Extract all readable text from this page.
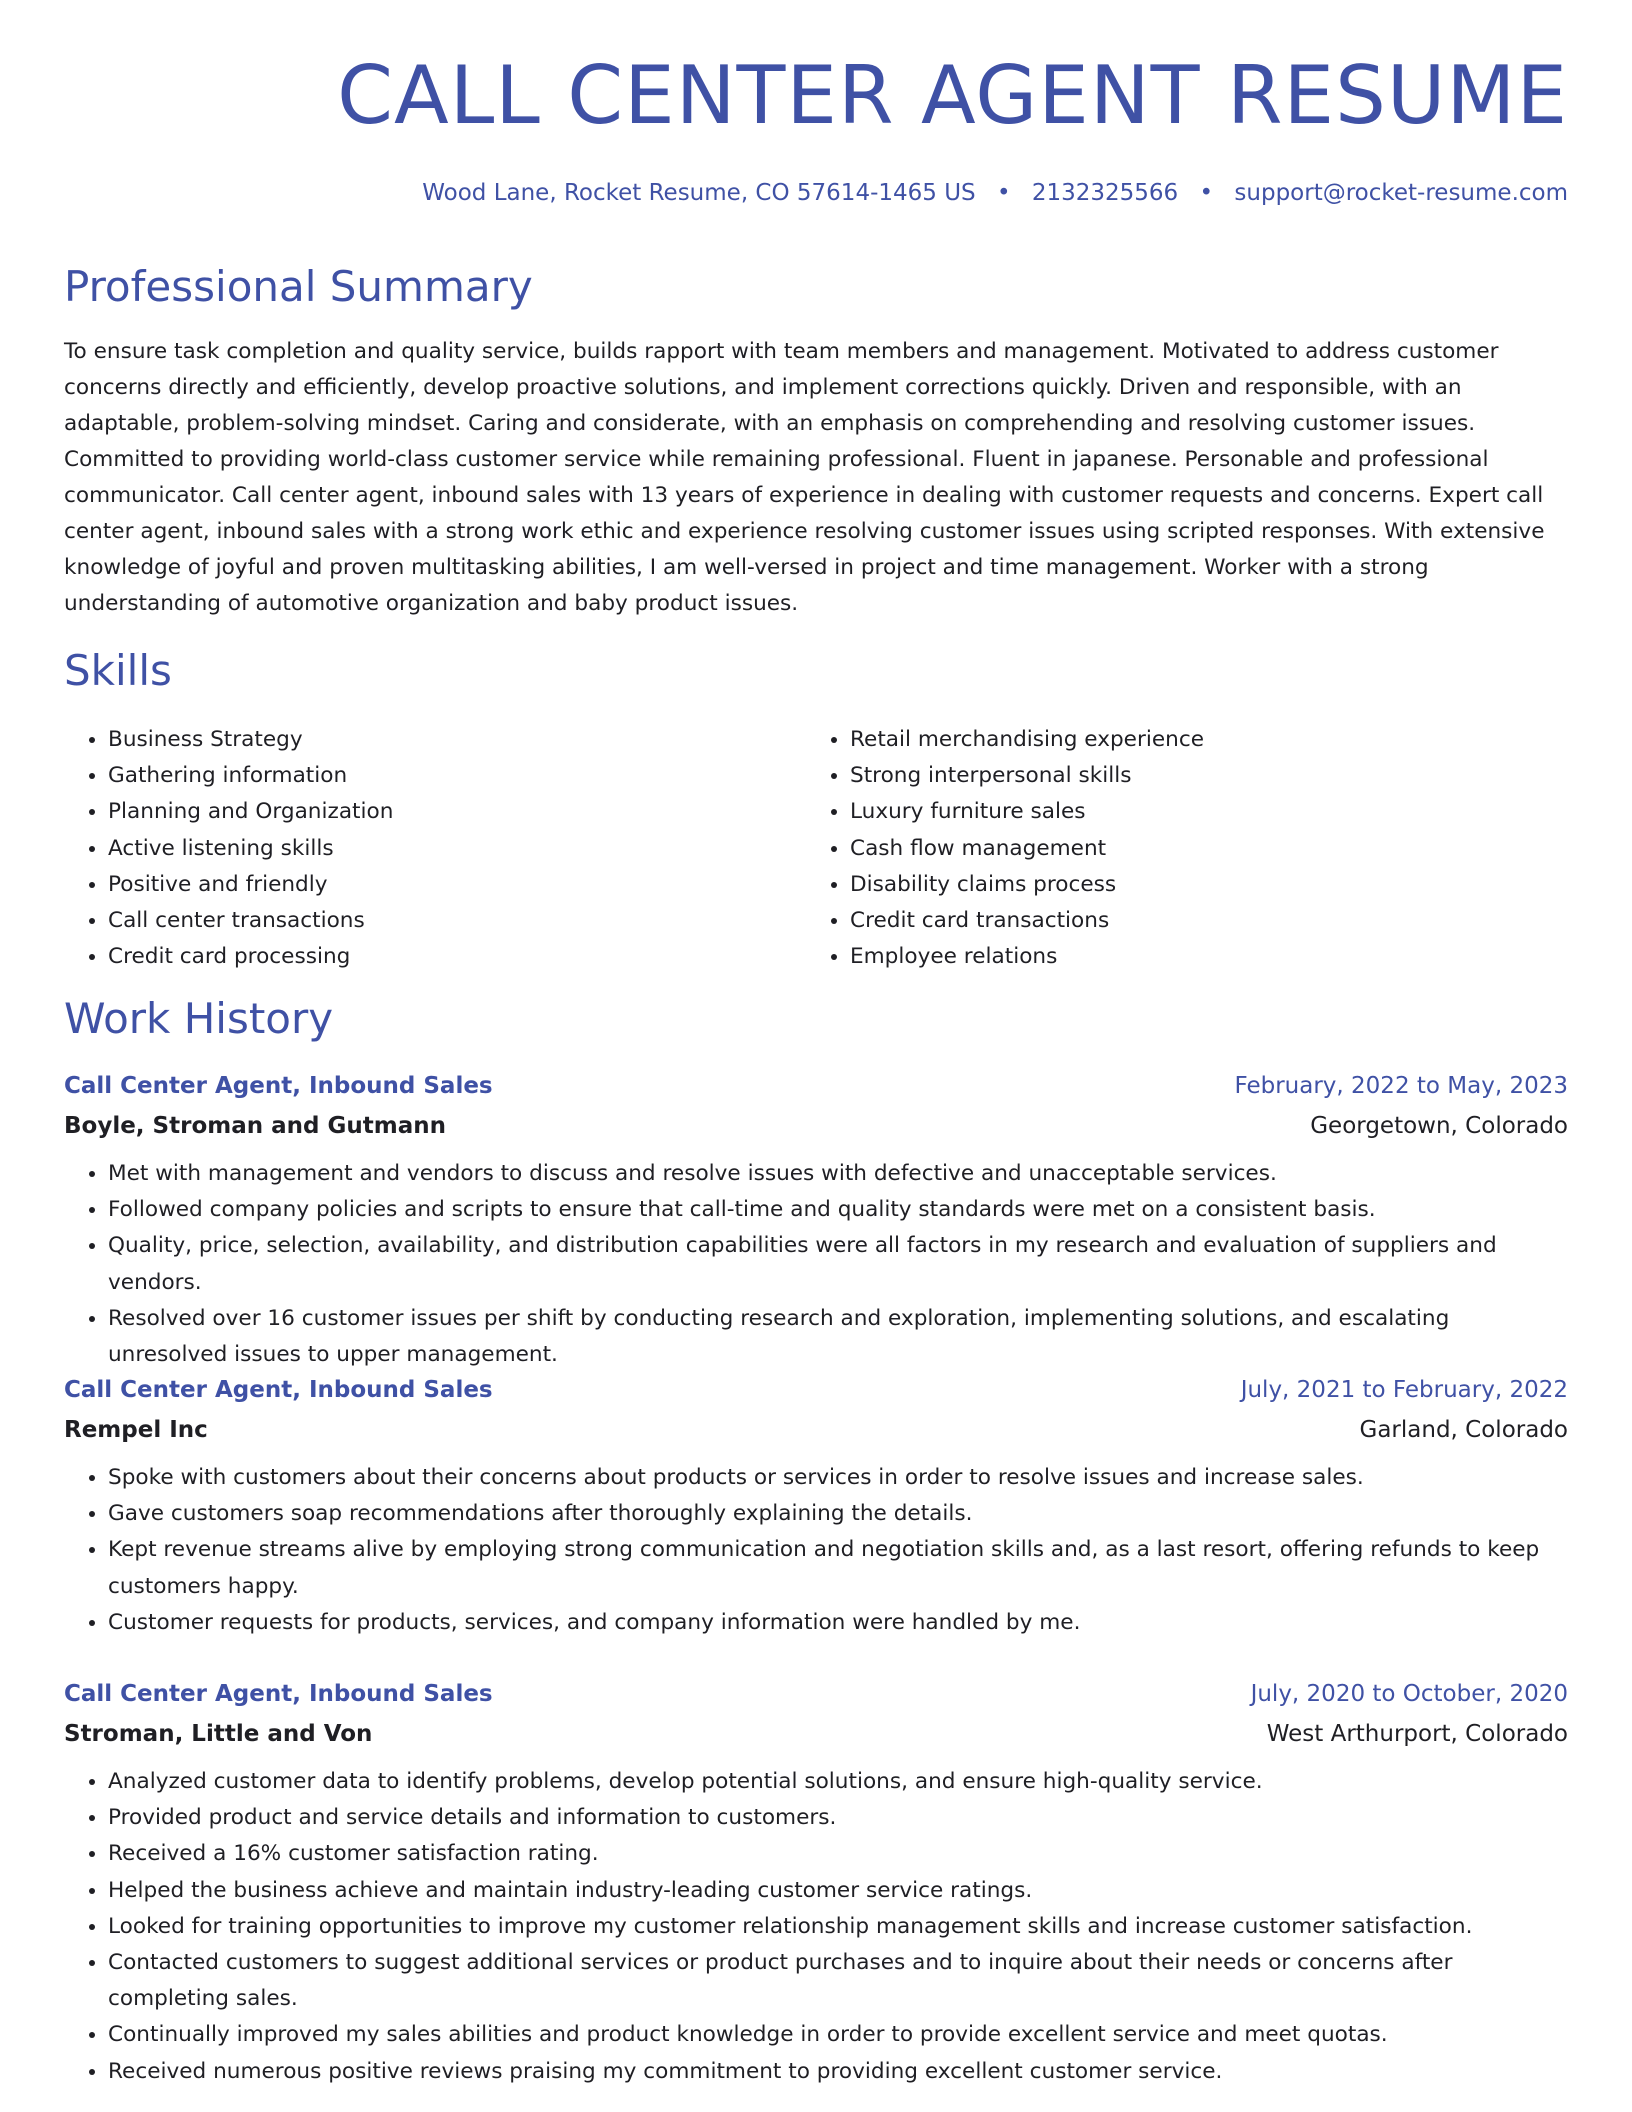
CALL CENTER AGENT RESUME
Wood Lane, Rocket Resume, CO 57614-1465 US • 2132325566 • support@rocket-resume.com
Professional Summary

To ensure task completion and quality service, builds rapport with team members and management. Motivated to address customer concerns directly and efficiently, develop proactive solutions, and implement corrections quickly. Driven and responsible, with an adaptable, problem-solving mindset. Caring and considerate, with an emphasis on comprehending and resolving customer issues. Committed to providing world-class customer service while remaining professional. Fluent in japanese. Personable and professional communicator. Call center agent, inbound sales with 13 years of experience in dealing with customer requests and concerns. Expert call center agent, inbound sales with a strong work ethic and experience resolving customer issues using scripted responses. With extensive knowledge of joyful and proven multitasking abilities, I am well-versed in project and time management. Worker with a strong understanding of automotive organization and baby product issues.

Skills
• Business Strategy
• Gathering information
• Planning and Organization
• Active listening skills
• Positive and friendly
• Call center transactions
• Credit card processing
• Retail merchandising experience
• Strong interpersonal skills
• Luxury furniture sales
• Cash flow management
• Disability claims process
• Credit card transactions
• Employee relations
Work History
Call Center Agent, Inbound Sales	February, 2022 to May, 2023
Boyle, Stroman and Gutmann	Georgetown, Colorado
• Met with management and vendors to discuss and resolve issues with defective and unacceptable services.
• Followed company policies and scripts to ensure that call-time and quality standards were met on a consistent basis.
• Quality, price, selection, availability, and distribution capabilities were all factors in my research and evaluation of suppliers and vendors.
• Resolved over 16 customer issues per shift by conducting research and exploration, implementing solutions, and escalating unresolved issues to upper management.
Call Center Agent, Inbound Sales	July, 2021 to February, 2022
Rempel Inc	Garland, Colorado
• Spoke with customers about their concerns about products or services in order to resolve issues and increase sales.
• Gave customers soap recommendations after thoroughly explaining the details.
• Kept revenue streams alive by employing strong communication and negotiation skills and, as a last resort, offering refunds to keep customers happy.
• Customer requests for products, services, and company information were handled by me.
Call Center Agent, Inbound Sales	July, 2020 to October, 2020
Stroman, Little and Von	West Arthurport, Colorado
• Analyzed customer data to identify problems, develop potential solutions, and ensure high-quality service.
• Provided product and service details and information to customers.
• Received a 16% customer satisfaction rating.
• Helped the business achieve and maintain industry-leading customer service ratings.
• Looked for training opportunities to improve my customer relationship management skills and increase customer satisfaction.
• Contacted customers to suggest additional services or product purchases and to inquire about their needs or concerns after completing sales.
• Continually improved my sales abilities and product knowledge in order to provide excellent service and meet quotas.
• Received numerous positive reviews praising my commitment to providing excellent customer service.
